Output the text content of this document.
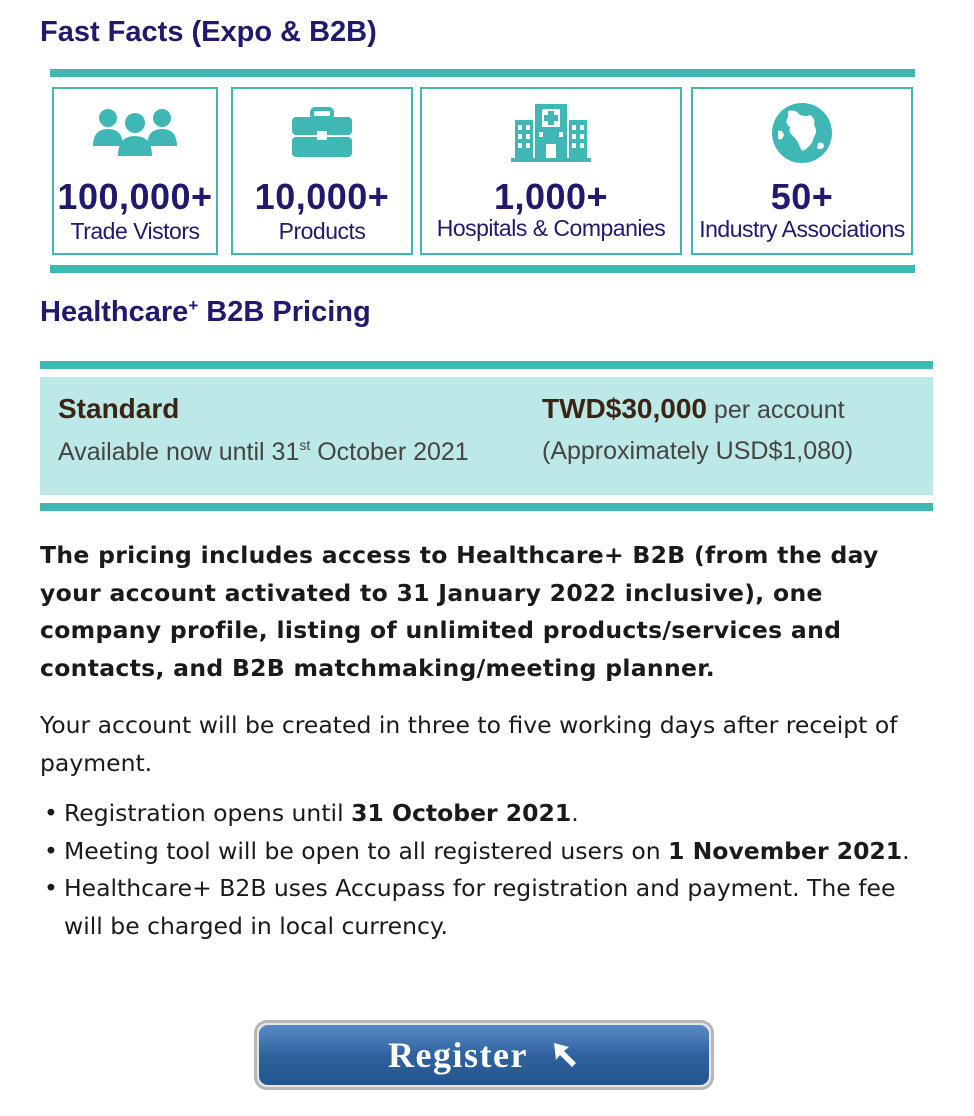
Fast Facts (Expo & B2B)
100,000+
Trade Vistors
10,000+
Products
1,000+
Hospitals & Companies
50+
Industry Associations
Healthcare+ B2B Pricing
Standard
Available now until 31st October 2021
TWD$30,000 per account
(Approximately USD$1,080)

The pricing includes access to Healthcare+ B2B (from the day your account activated to 31 January 2022 inclusive), one company profile, listing of unlimited products/services and contacts, and B2B matchmaking/meeting planner.

Your account will be created in three to five working days after receipt of payment.

• Registration opens until 31 October 2021.
• Meeting tool will be open to all registered users on 1 November 2021.
• Healthcare+ B2B uses Accupass for registration and payment. The fee will be charged in local currency.
Register
